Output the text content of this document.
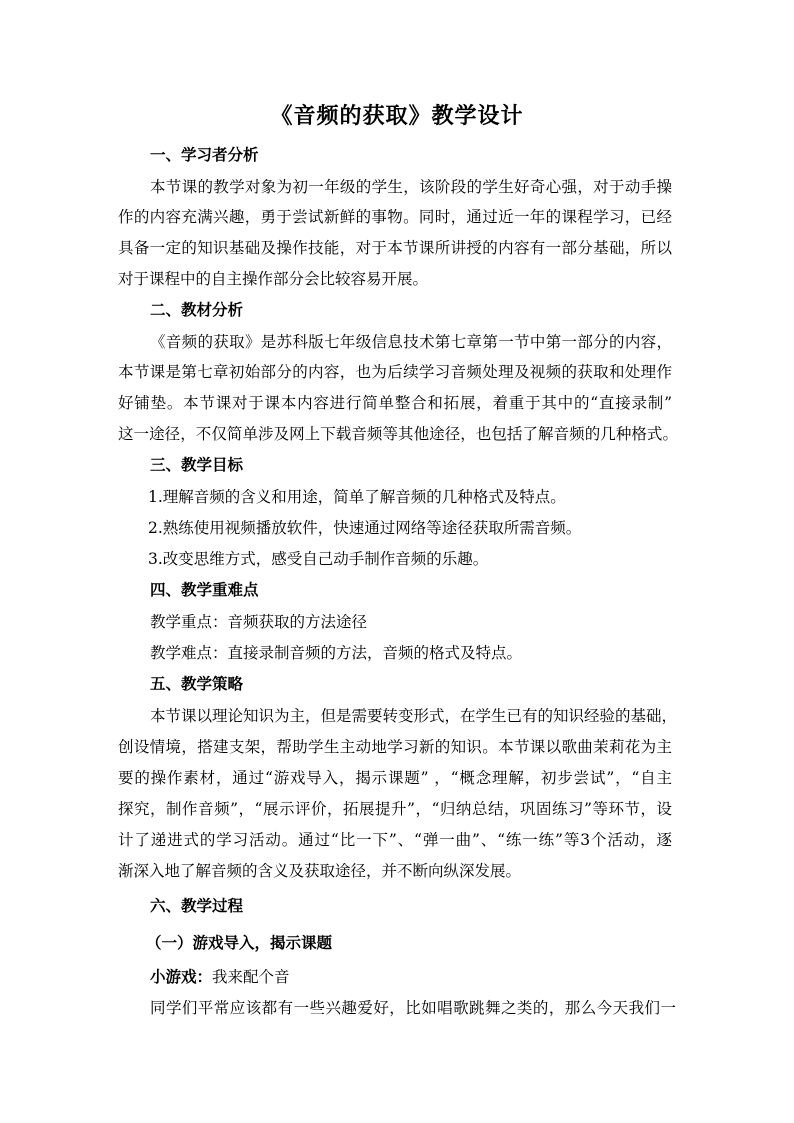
《音频的获取》教学设计
一、学习者分析
本节课的教学对象为初一年级的学生，该阶段的学生好奇心强，对于动手操
作的内容充满兴趣，勇于尝试新鲜的事物。同时，通过近一年的课程学习，已经
具备一定的知识基础及操作技能，对于本节课所讲授的内容有一部分基础，所以
对于课程中的自主操作部分会比较容易开展。
二、教材分析
《音频的获取》是苏科版七年级信息技术第七章第一节中第一部分的内容，
本节课是第七章初始部分的内容，也为后续学习音频处理及视频的获取和处理作
好铺垫。本节课对于课本内容进行简单整合和拓展，着重于其中的“直接录制”
这一途径，不仅简单涉及网上下载音频等其他途径，也包括了解音频的几种格式。
三、教学目标
1.理解音频的含义和用途，简单了解音频的几种格式及特点。
2.熟练使用视频播放软件，快速通过网络等途径获取所需音频。
3.改变思维方式，感受自己动手制作音频的乐趣。
四、教学重难点
教学重点：音频获取的方法途径
教学难点：直接录制音频的方法，音频的格式及特点。
五、教学策略
本节课以理论知识为主，但是需要转变形式，在学生已有的知识经验的基础，
创设情境，搭建支架，帮助学生主动地学习新的知识。本节课以歌曲茉莉花为主
要的操作素材，通过“游戏导入，揭示课题” ，“概念理解，初步尝试”，“自主
探究，制作音频”，“展示评价，拓展提升”，“归纳总结，巩固练习”等环节，设
计了递进式的学习活动。通过“比一下”、“弹一曲”、“练一练”等3个活动，逐
渐深入地了解音频的含义及获取途径，并不断向纵深发展。
六、教学过程
（一）游戏导入，揭示课题
小游戏：我来配个音
同学们平常应该都有一些兴趣爱好，比如唱歌跳舞之类的，那么今天我们一
